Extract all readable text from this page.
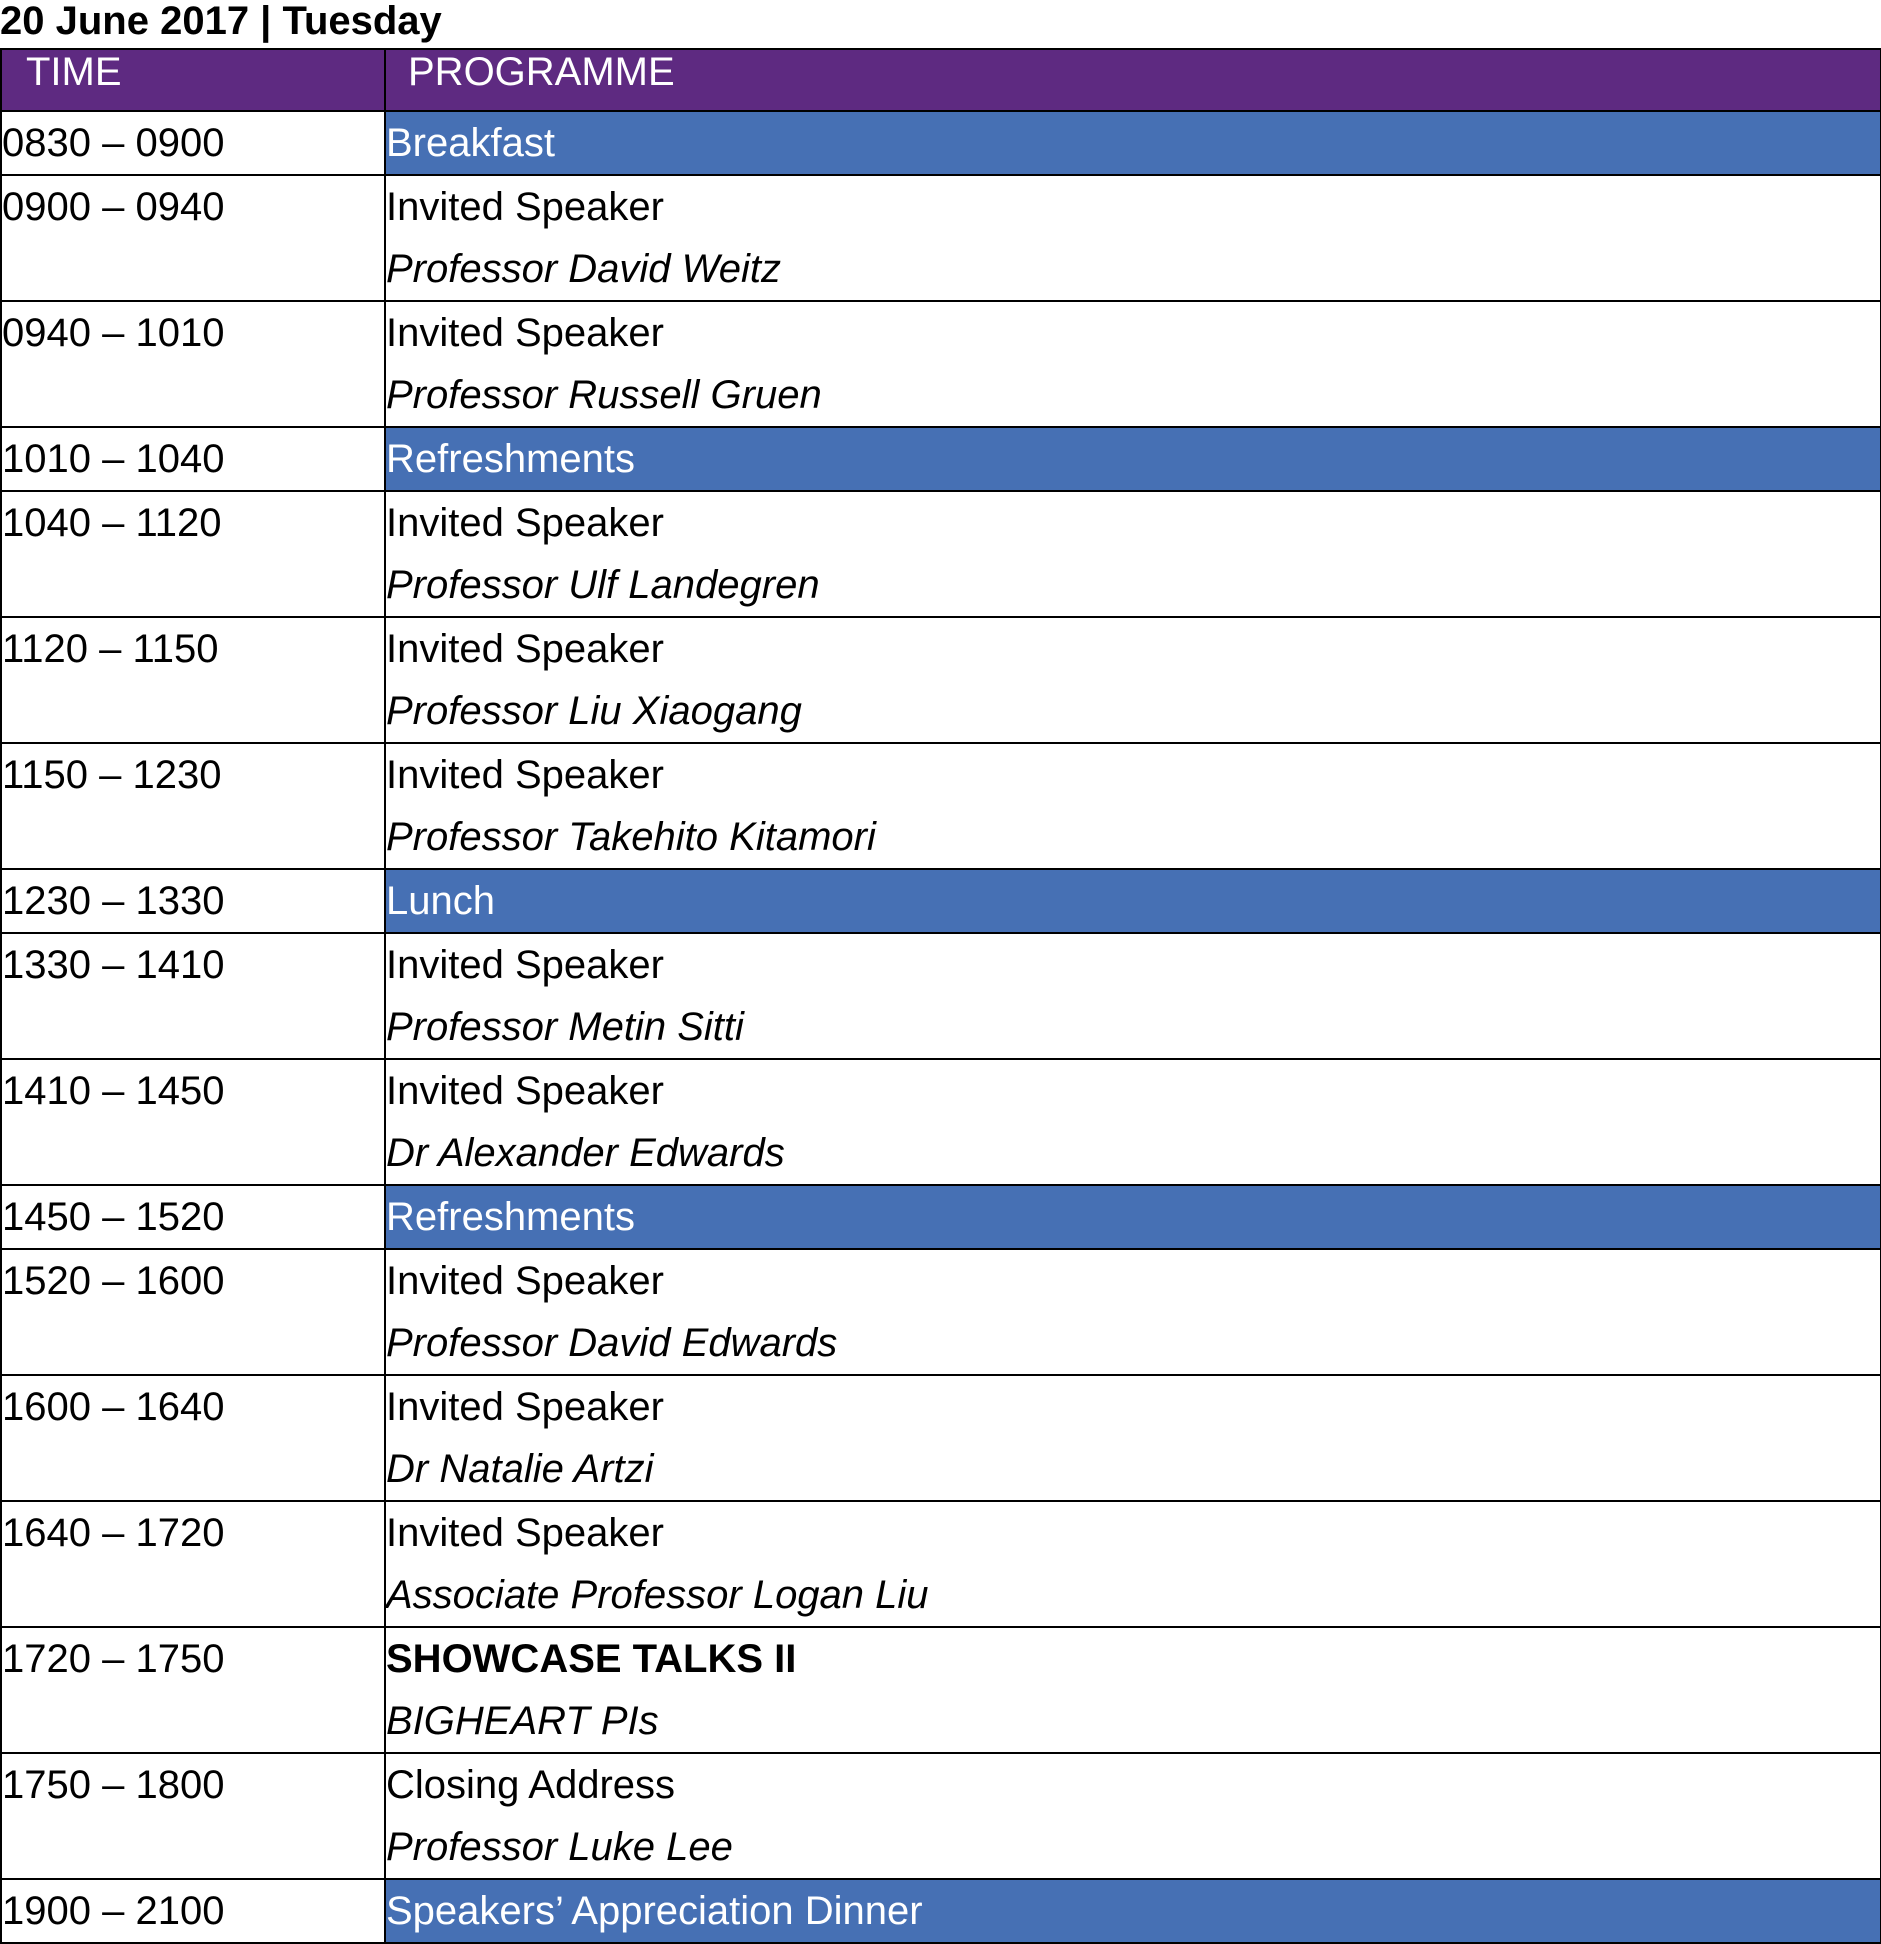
20 June 2017 | Tuesday
TIME	PROGRAMME

0830 – 0900	Breakfast

0900 – 0940	Invited Speaker
Professor David Weitz

0940 – 1010	Invited Speaker
Professor Russell Gruen

1010 – 1040	Refreshments

1040 – 1120	Invited Speaker
Professor Ulf Landegren

1120 – 1150	Invited Speaker
Professor Liu Xiaogang

1150 – 1230	Invited Speaker
Professor Takehito Kitamori

1230 – 1330	Lunch

1330 – 1410	Invited Speaker
Professor Metin Sitti

1410 – 1450	Invited Speaker
Dr Alexander Edwards

1450 – 1520	Refreshments

1520 – 1600	Invited Speaker
Professor David Edwards

1600 – 1640	Invited Speaker
Dr Natalie Artzi

1640 – 1720	Invited Speaker
Associate Professor Logan Liu

1720 – 1750	SHOWCASE TALKS II
BIGHEART PIs

1750 – 1800	Closing Address
Professor Luke Lee

1900 – 2100	Speakers’ Appreciation Dinner
